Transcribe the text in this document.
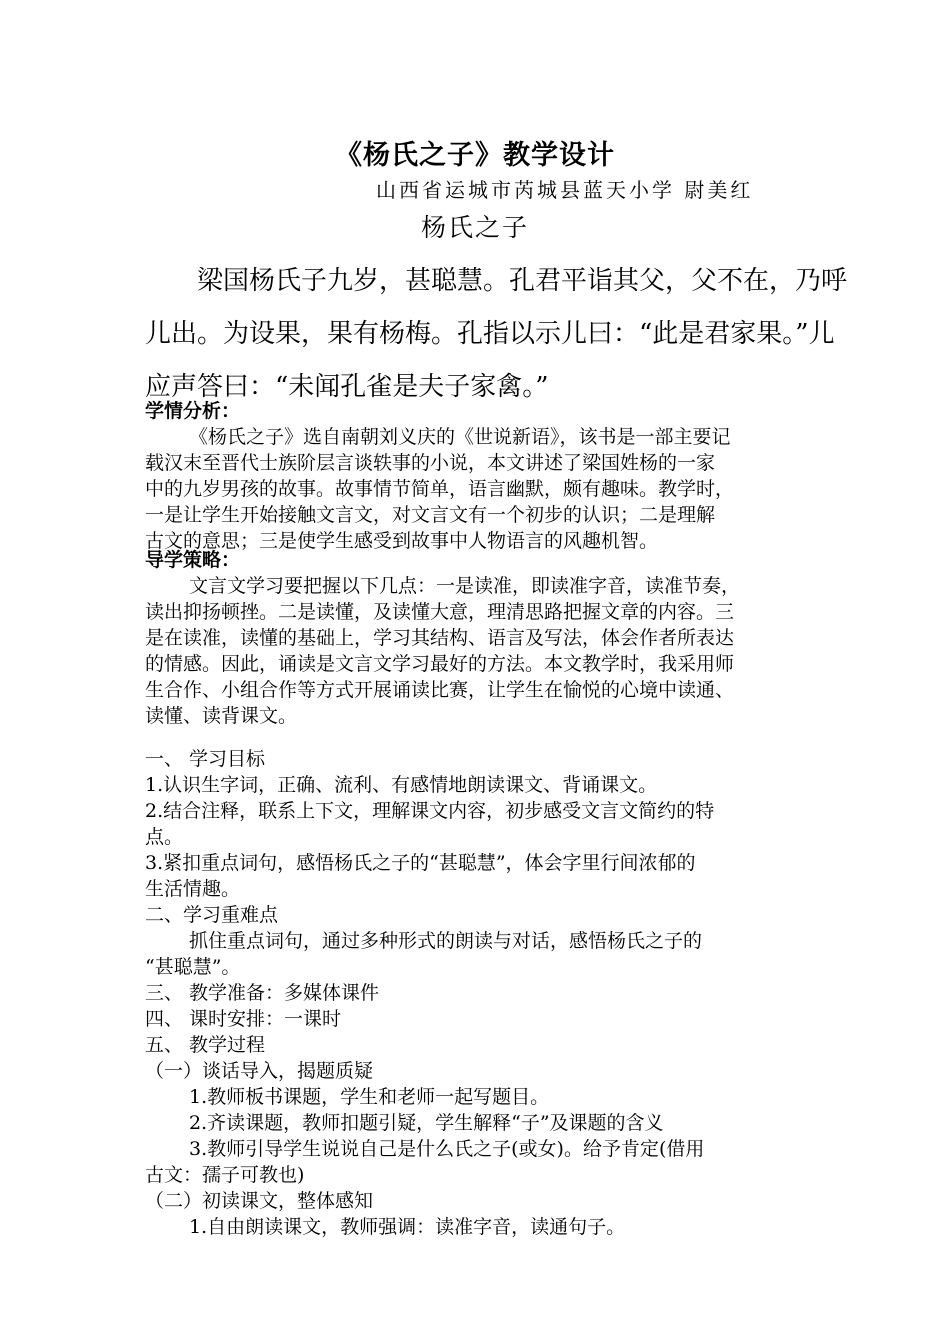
《杨氏之子》教学设计
山西省运城市芮城县蓝天小学 尉美红
杨氏之子
梁国杨氏子九岁，甚聪慧。孔君平诣其父，父不在，乃呼
儿出。为设果，果有杨梅。孔指以示儿曰：“此是君家果。”儿
应声答曰：“未闻孔雀是夫子家禽。”
学情分析：
《杨氏之子》选自南朝刘义庆的《世说新语》，该书是一部主要记
载汉末至晋代士族阶层言谈轶事的小说，本文讲述了梁国姓杨的一家
中的九岁男孩的故事。故事情节简单，语言幽默，颇有趣味。教学时，
一是让学生开始接触文言文，对文言文有一个初步的认识；二是理解
古文的意思；三是使学生感受到故事中人物语言的风趣机智。
导学策略：
文言文学习要把握以下几点：一是读准，即读准字音，读准节奏，
读出抑扬顿挫。二是读懂，及读懂大意，理清思路把握文章的内容。三
是在读准，读懂的基础上，学习其结构、语言及写法，体会作者所表达
的情感。因此，诵读是文言文学习最好的方法。本文教学时，我采用师
生合作、小组合作等方式开展诵读比赛，让学生在愉悦的心境中读通、
读懂、读背课文。
一、 学习目标
1.认识生字词，正确、流利、有感情地朗读课文、背诵课文。
2.结合注释，联系上下文，理解课文内容，初步感受文言文简约的特
点。
3.紧扣重点词句，感悟杨氏之子的“甚聪慧”，体会字里行间浓郁的
生活情趣。
二、学习重难点
抓住重点词句，通过多种形式的朗读与对话，感悟杨氏之子的
“甚聪慧”。
三、 教学准备：多媒体课件
四、 课时安排：一课时
五、 教学过程
（一）谈话导入，揭题质疑
1.教师板书课题，学生和老师一起写题目。
2.齐读课题，教师扣题引疑，学生解释“子”及课题的含义
3.教师引导学生说说自己是什么氏之子(或女)。给予肯定(借用
古文：孺子可教也)
（二）初读课文，整体感知
1.自由朗读课文，教师强调：读准字音，读通句子。
